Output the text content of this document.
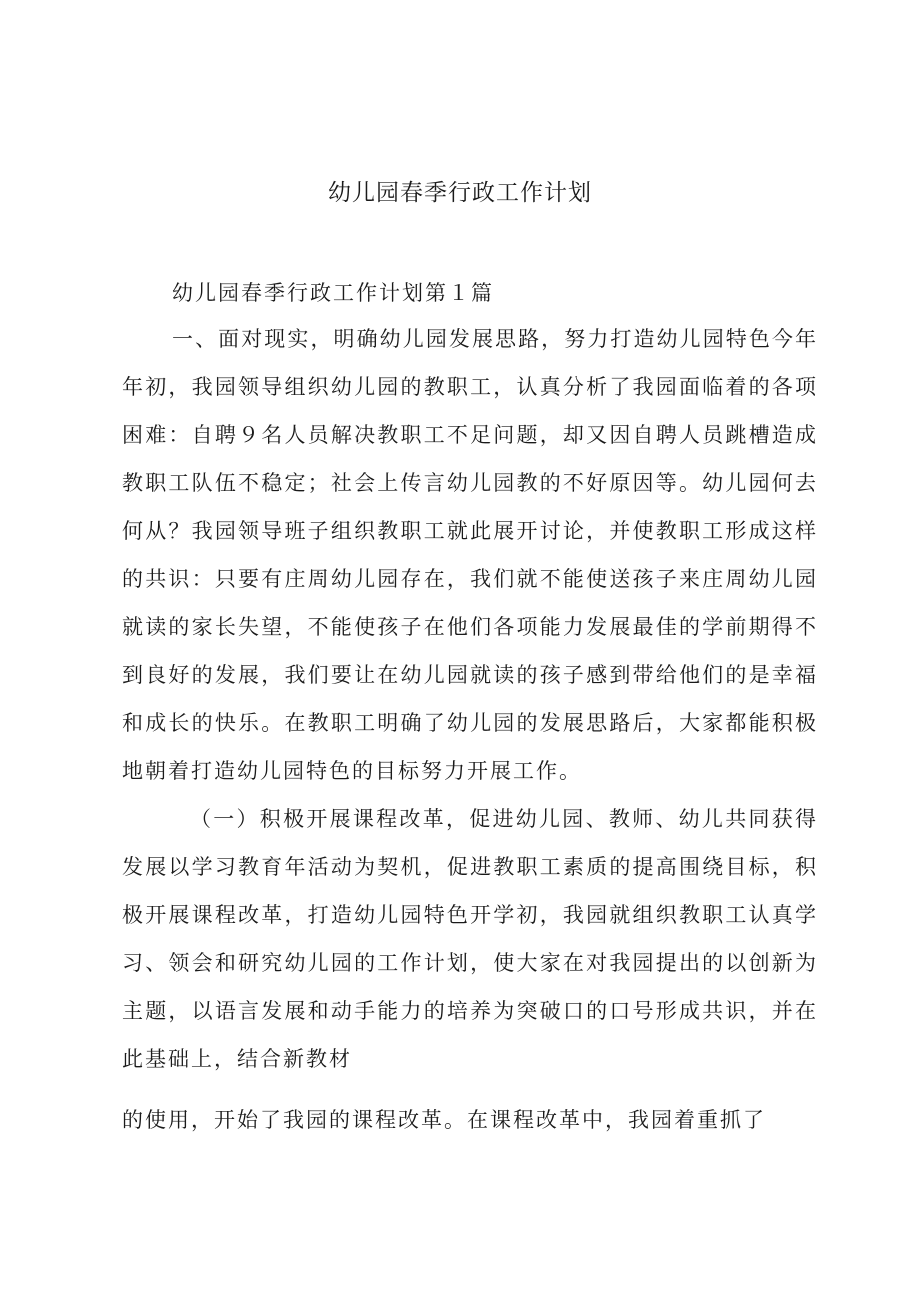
幼儿园春季行政工作计划
幼儿园春季行政工作计划第１篇
一、面对现实，明确幼儿园发展思路，努力打造幼儿园特色今年
年初，我园领导组织幼儿园的教职工，认真分析了我园面临着的各项
困难：自聘９名人员解决教职工不足问题，却又因自聘人员跳槽造成
教职工队伍不稳定；社会上传言幼儿园教的不好原因等。幼儿园何去
何从？我园领导班子组织教职工就此展开讨论，并使教职工形成这样
的共识：只要有庄周幼儿园存在，我们就不能使送孩子来庄周幼儿园
就读的家长失望，不能使孩子在他们各项能力发展最佳的学前期得不
到良好的发展，我们要让在幼儿园就读的孩子感到带给他们的是幸福
和成长的快乐。在教职工明确了幼儿园的发展思路后，大家都能积极
地朝着打造幼儿园特色的目标努力开展工作。
（一）积极开展课程改革，促进幼儿园、教师、幼儿共同获得
发展以学习教育年活动为契机，促进教职工素质的提高围绕目标，积
极开展课程改革，打造幼儿园特色开学初，我园就组织教职工认真学
习、领会和研究幼儿园的工作计划，使大家在对我园提出的以创新为
主题，以语言发展和动手能力的培养为突破口的口号形成共识，并在
此基础上，结合新教材
的使用，开始了我园的课程改革。在课程改革中，我园着重抓了
